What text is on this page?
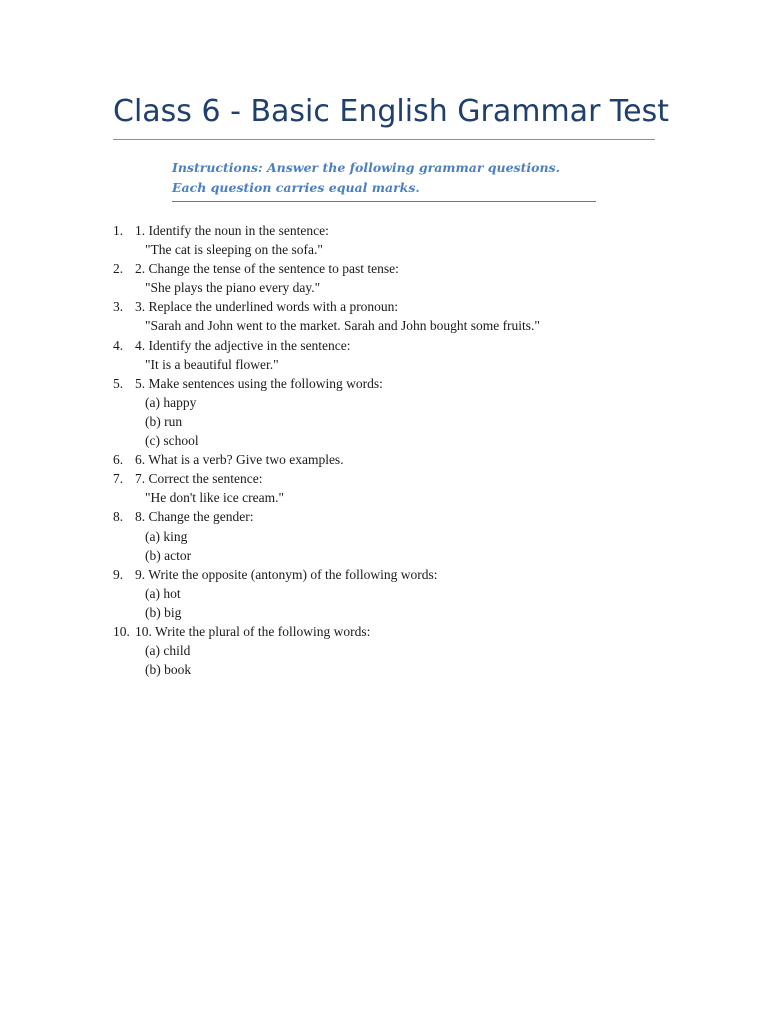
Class 6 - Basic English Grammar Test

Instructions: Answer the following grammar questions. Each question carries equal marks.

1. 1. Identify the noun in the sentence:
"The cat is sleeping on the sofa."
2. 2. Change the tense of the sentence to past tense:
"She plays the piano every day."
3. 3. Replace the underlined words with a pronoun:
"Sarah and John went to the market. Sarah and John bought some fruits."
4. 4. Identify the adjective in the sentence:
"It is a beautiful flower."
5. 5. Make sentences using the following words:
(a) happy
(b) run
(c) school
6. 6. What is a verb? Give two examples.
7. 7. Correct the sentence:
"He don't like ice cream."
8. 8. Change the gender:
(a) king
(b) actor
9. 9. Write the opposite (antonym) of the following words:
(a) hot
(b) big
10. 10. Write the plural of the following words:
(a) child
(b) book
